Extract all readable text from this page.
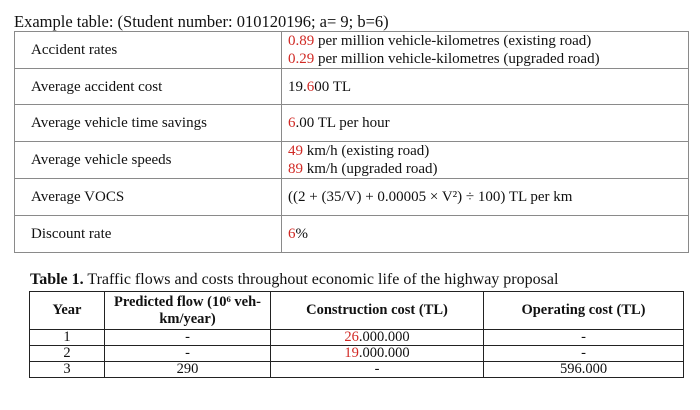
Example table: (Student number: 010120196; a= 9; b=6)
Accident rates	0.89 per million vehicle-kilometres (existing road)
0.29 per million vehicle-kilometres (upgraded road)

Average accident cost	19.600 TL
Average vehicle time savings	6.00 TL per hour
Average vehicle speeds	49 km/h (existing road)
89 km/h (upgraded road)

Average VOCS	((2 + (35/V) + 0.00005 × V²) ÷ 100) TL per km
Discount rate	6%
Table 1. Traffic flows and costs throughout economic life of the highway proposal
Year	Predicted flow (10⁶ veh-
km/year)	Construction cost (TL)	Operating cost (TL)
1	-	26.000.000	-
2	-	19.000.000	-
3	290	-	596.000
